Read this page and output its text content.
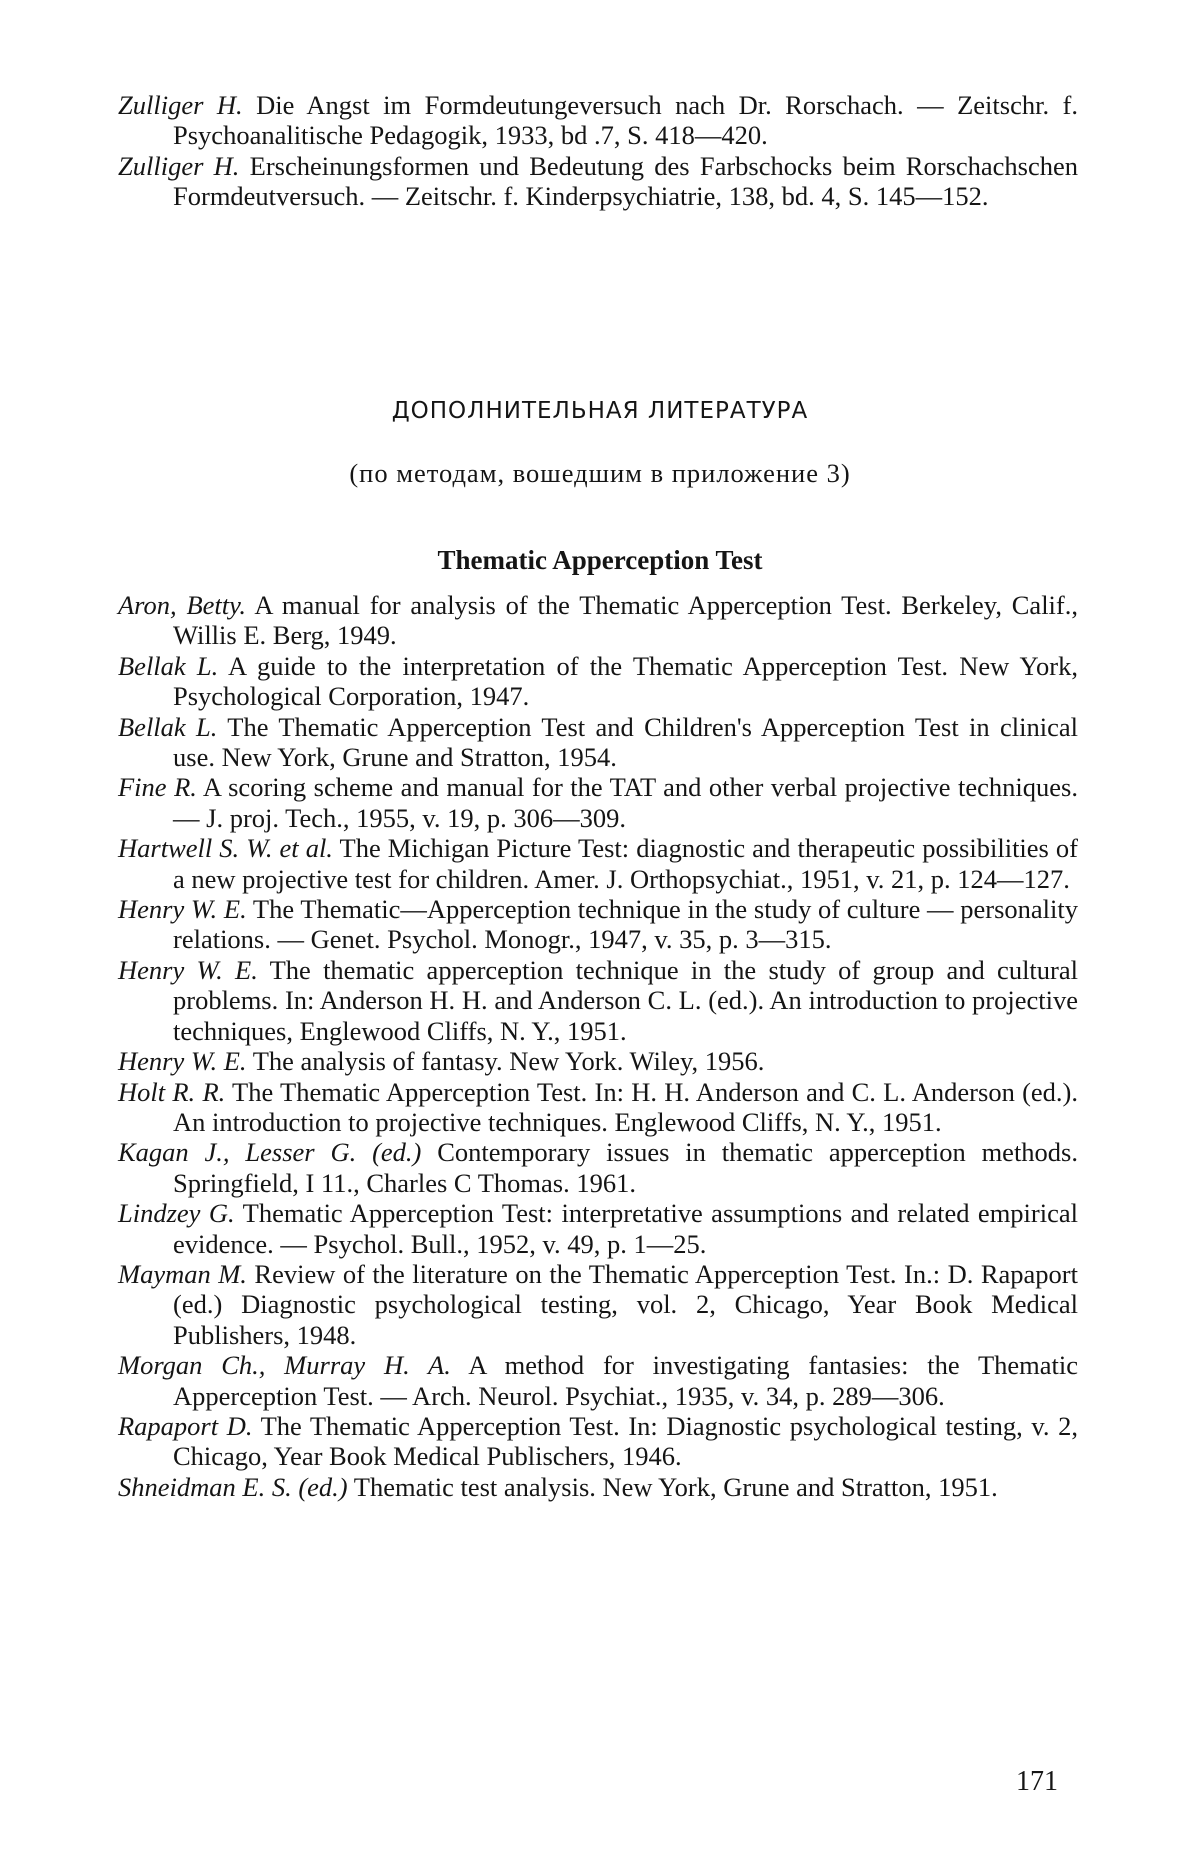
Zulliger H. Die Angst im Formdeutungeversuch nach Dr. Rorschach. — Zeitschr. f. Psychoanalitische Pedagogik, 1933, bd .7, S. 418—420.

Zulliger H. Erscheinungsformen und Bedeutung des Farbschocks beim Rorschachschen Formdeutversuch. — Zeitschr. f. Kinderpsychiatrie, 138, bd. 4, S. 145—152.

ДОПОЛНИТЕЛЬНАЯ ЛИТЕРАТУРА
(по методам, вошедшим в приложение 3)
Thematic Apperception Test

Aron, Betty. A manual for analysis of the Thematic Apperception Test. Berkeley, Calif., Willis E. Berg, 1949.

Bellak L. A guide to the interpretation of the Thematic Apperception Test. New York, Psychological Corporation, 1947.

Bellak L. The Thematic Apperception Test and Children's Apperception Test in clinical use. New York, Grune and Stratton, 1954.

Fine R. A scoring scheme and manual for the TAT and other verbal projective techniques. — J. proj. Tech., 1955, v. 19, p. 306—309.

Hartwell S. W. et al. The Michigan Picture Test: diagnostic and therapeutic possibilities of a new projective test for children. Amer. J. Orthopsychiat., 1951, v. 21, p. 124—127.

Henry W. E. The Thematic—Apperception technique in the study of culture — personality relations. — Genet. Psychol. Monogr., 1947, v. 35, p. 3—315.

Henry W. E. The thematic apperception technique in the study of group and cultural problems. In: Anderson H. H. and Anderson C. L. (ed.). An introduction to projective techniques, Englewood Cliffs, N. Y., 1951.

Henry W. E. The analysis of fantasy. New York. Wiley, 1956.

Holt R. R. The Thematic Apperception Test. In: H. H. Anderson and C. L. Anderson (ed.). An introduction to projective techniques. Englewood Cliffs, N. Y., 1951.

Kagan J., Lesser G. (ed.) Contemporary issues in thematic apperception methods. Springfield, I 11., Charles C Thomas. 1961.

Lindzey G. Thematic Apperception Test: interpretative assumptions and related empirical evidence. — Psychol. Bull., 1952, v. 49, p. 1—25.

Mayman M. Review of the literature on the Thematic Apperception Test. In.: D. Rapaport (ed.) Diagnostic psychological testing, vol. 2, Chicago, Year Book Medical Publishers, 1948.

Morgan Ch., Murray H. A. A method for investigating fantasies: the Thematic Apperception Test. — Arch. Neurol. Psychiat., 1935, v. 34, p. 289—306.

Rapaport D. The Thematic Apperception Test. In: Diagnostic psychological testing, v. 2, Chicago, Year Book Medical Publischers, 1946.

Shneidman E. S. (ed.) Thematic test analysis. New York, Grune and Stratton, 1951.

171
